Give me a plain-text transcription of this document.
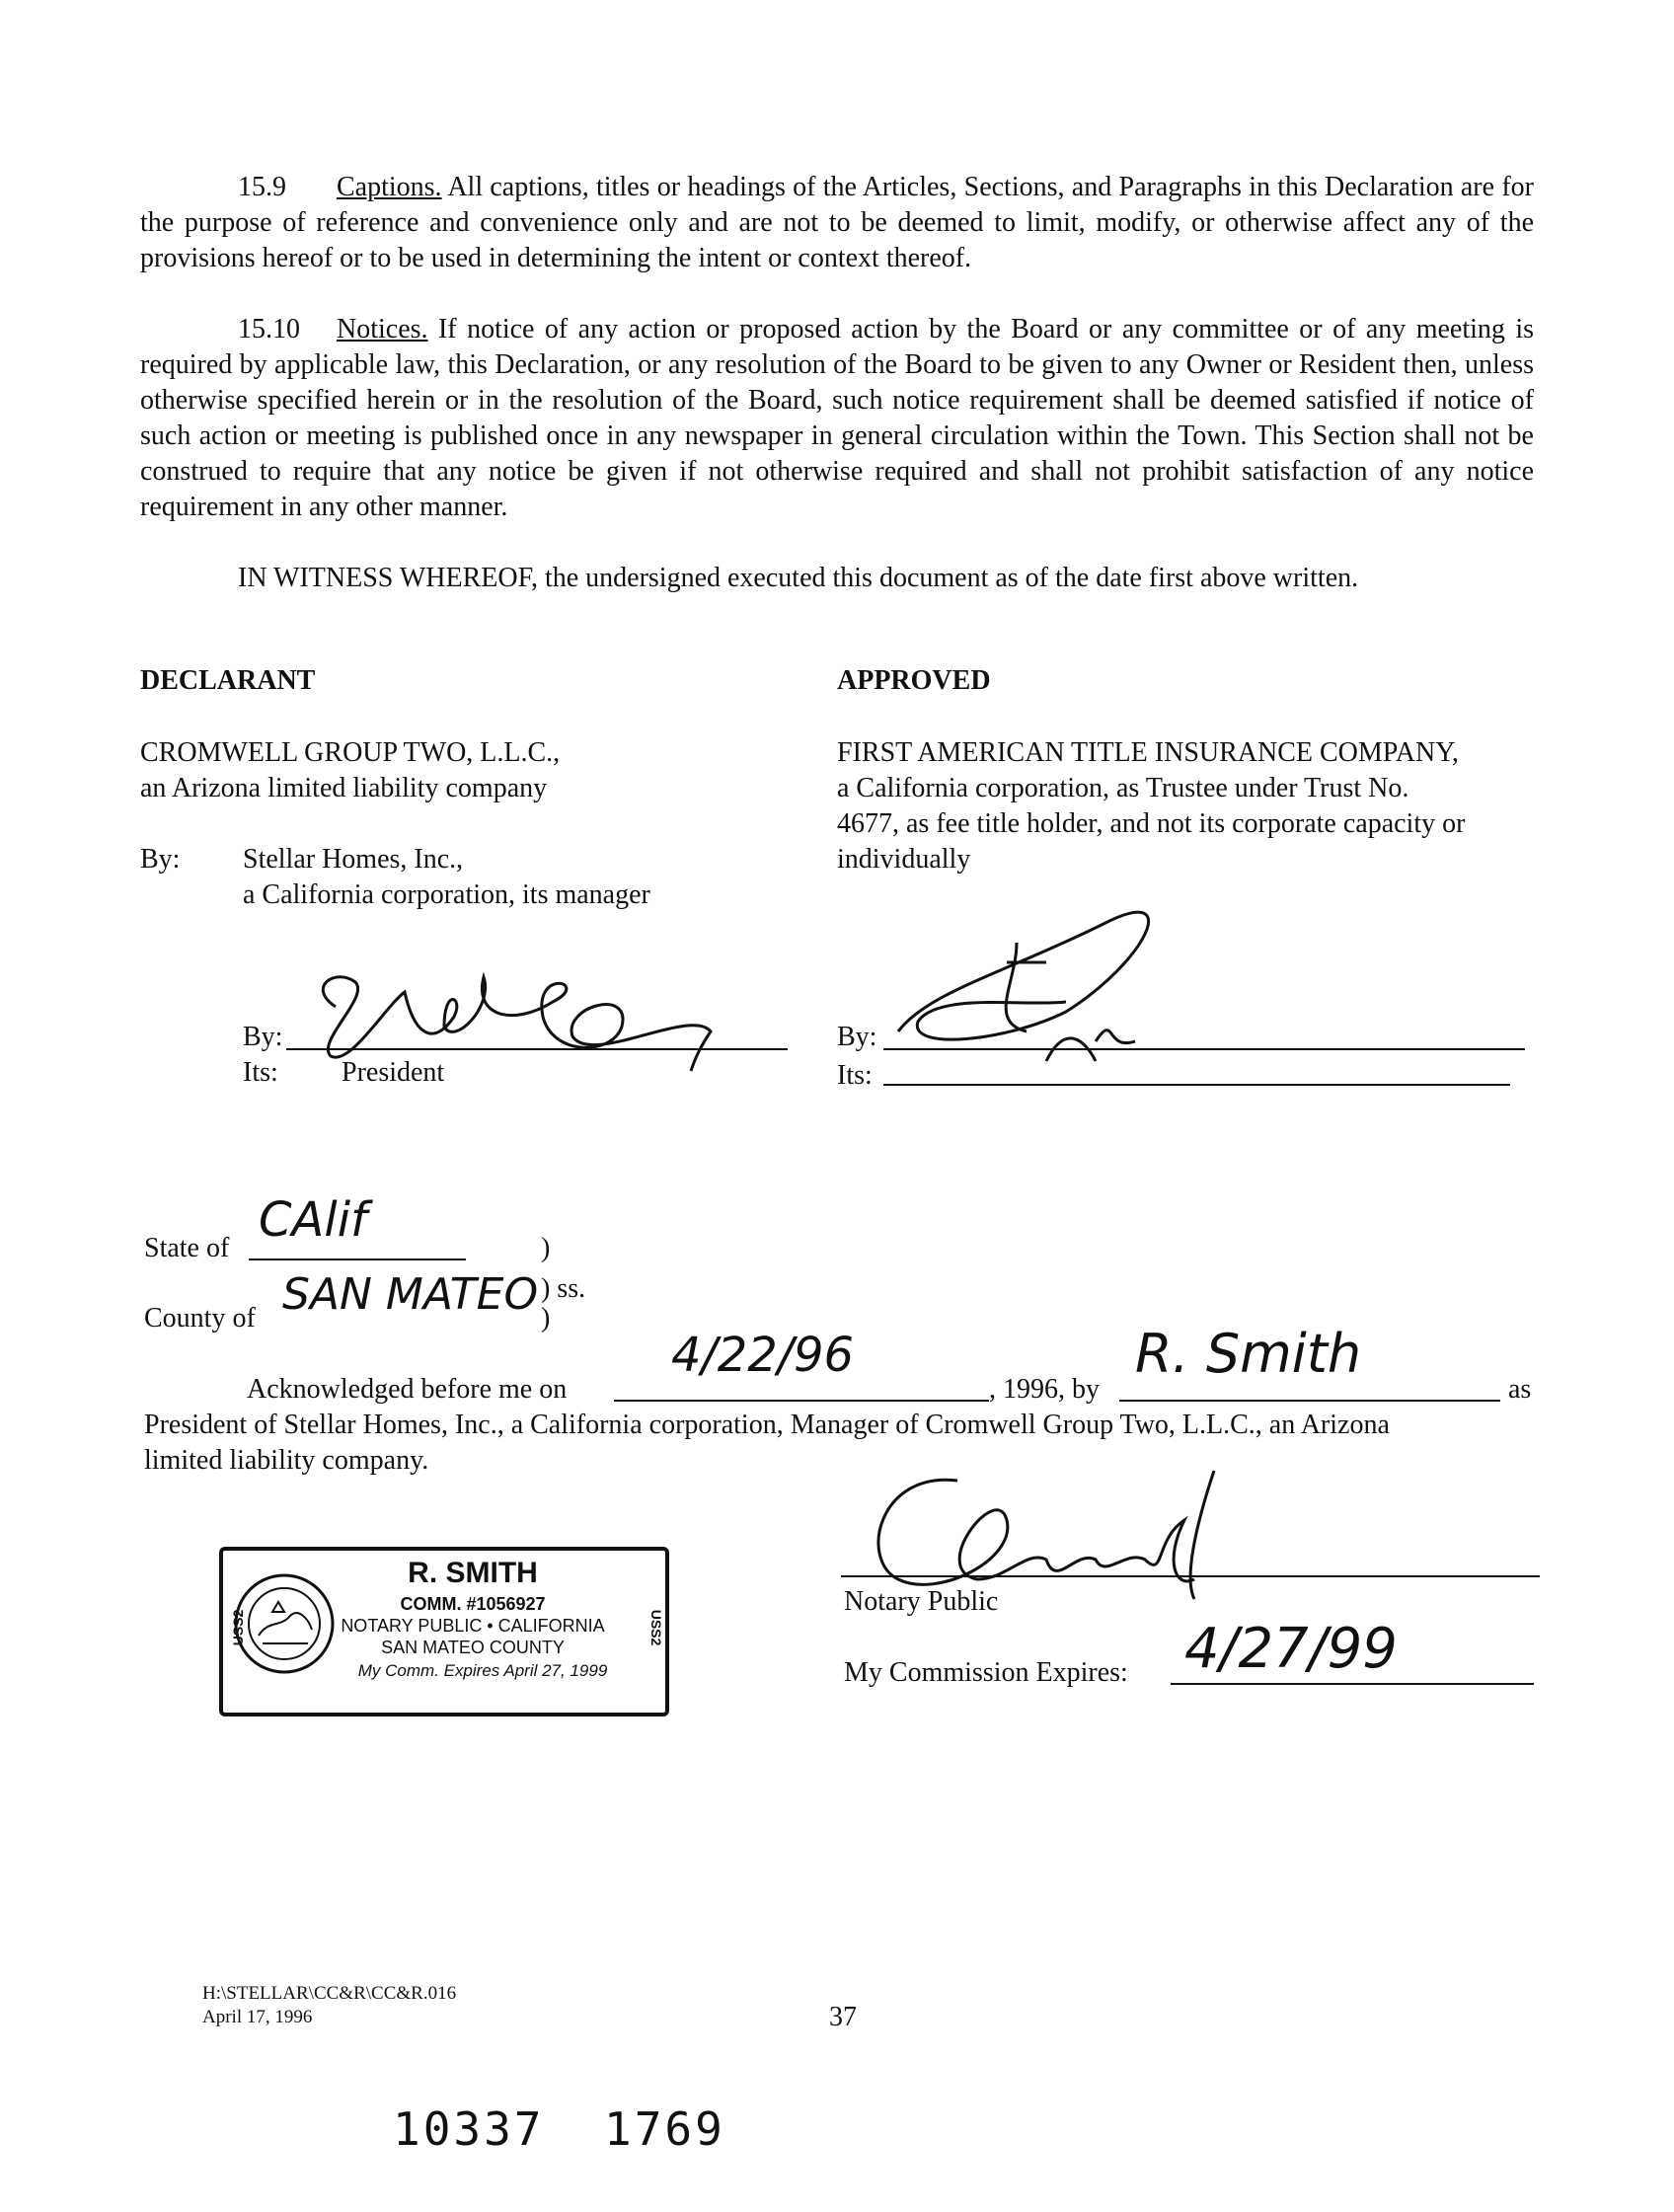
15.9 Captions. All captions, titles or headings of the Articles, Sections, and Paragraphs in this Declaration are for the purpose of reference and convenience only and are not to be deemed to limit, modify, or otherwise affect any of the provisions hereof or to be used in determining the intent or context thereof.

15.10 Notices. If notice of any action or proposed action by the Board or any committee or of any meeting is required by applicable law, this Declaration, or any resolution of the Board to be given to any Owner or Resident then, unless otherwise specified herein or in the resolution of the Board, such notice requirement shall be deemed satisfied if notice of such action or meeting is published once in any newspaper in general circulation within the Town. This Section shall not be construed to require that any notice be given if not otherwise required and shall not prohibit satisfaction of any notice requirement in any other manner.

IN WITNESS WHEREOF, the undersigned executed this document as of the date first above written.
DECLARANT
CROMWELL GROUP TWO, L.L.C.,
an Arizona limited liability company
By: Stellar Homes, Inc.,
a California corporation, its manager
By:
Its: President
APPROVED
FIRST AMERICAN TITLE INSURANCE COMPANY,
a California corporation, as Trustee under Trust No.
4677, as fee title holder, and not its corporate capacity or
individually
By:
Its:
State of
CAlif
)
County of SAN MATEO ) ss.
)
Acknowledged before me on
4/22/96
, 1996, by
R. Smith
as
President of Stellar Homes, Inc., a California corporation, Manager of Cromwell Group Two, L.L.C., an Arizona
limited liability company.
Notary Public
My Commission Expires: 4/27/99
R. SMITH
COMM. #1056927
NOTARY PUBLIC • CALIFORNIA
SAN MATEO COUNTY
My Comm. Expires April 27, 1999
USS2	USS2
H:\STELLAR\CC&R\CC&R.016
April 17, 1996	37
10337 1769
